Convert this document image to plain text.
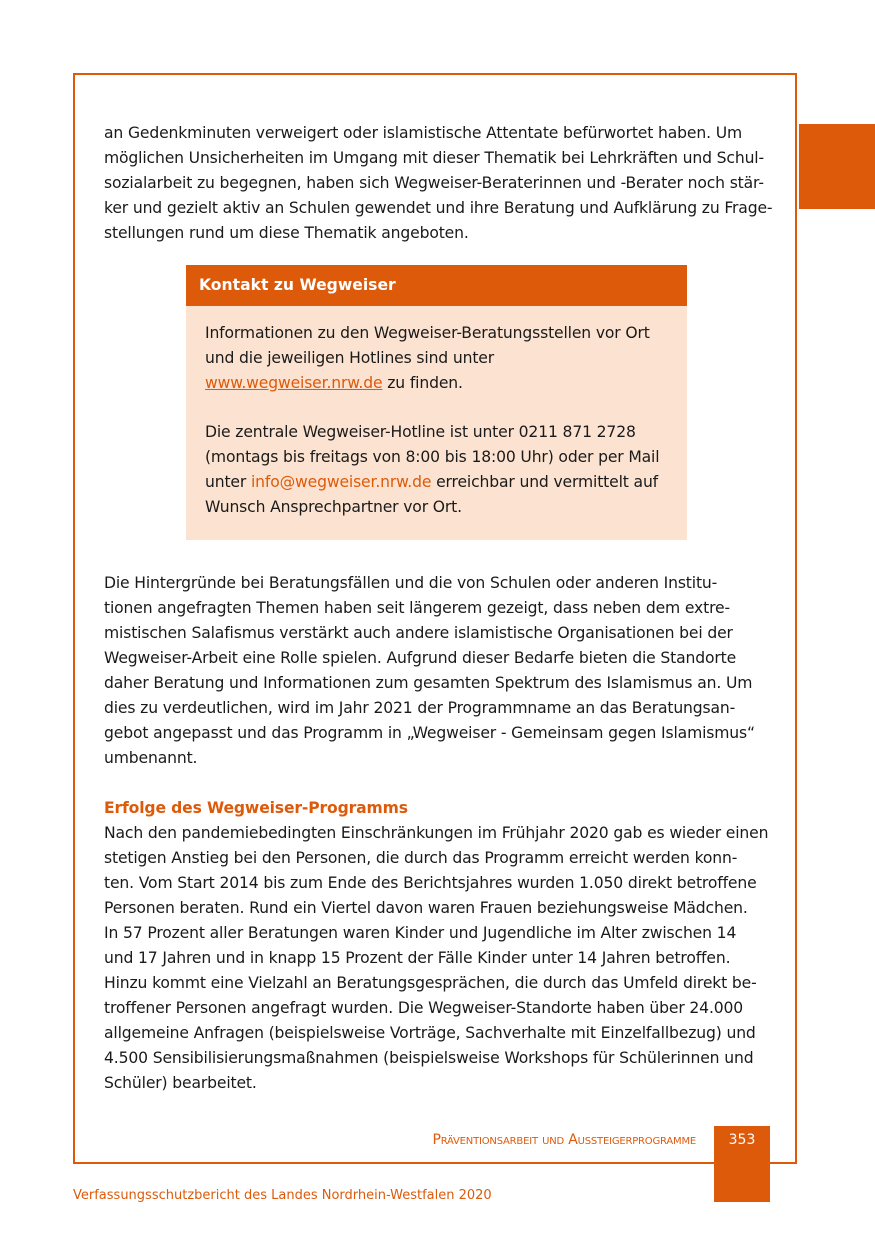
an Gedenkminuten verweigert oder islamistische Attentate befürwortet haben. Um
möglichen Unsicherheiten im Umgang mit dieser Thematik bei Lehrkräften und Schul-
sozialarbeit zu begegnen, haben sich Wegweiser-Beraterinnen und -Berater noch stär-
ker und gezielt aktiv an Schulen gewendet und ihre Beratung und Aufklärung zu Frage-
stellungen rund um diese Thematik angeboten.
Kontakt zu Wegweiser
Informationen zu den Wegweiser-Beratungsstellen vor Ort
und die jeweiligen Hotlines sind unter
www.wegweiser.nrw.de zu finden.
Die zentrale Wegweiser-Hotline ist unter 0211 871 2728
(montags bis freitags von 8:00 bis 18:00 Uhr) oder per Mail
unter info@wegweiser.nrw.de erreichbar und vermittelt auf
Wunsch Ansprechpartner vor Ort.
Die Hintergründe bei Beratungsfällen und die von Schulen oder anderen Institu-
tionen angefragten Themen haben seit längerem gezeigt, dass neben dem extre-
mistischen Salafismus verstärkt auch andere islamistische Organisationen bei der
Wegweiser-Arbeit eine Rolle spielen. Aufgrund dieser Bedarfe bieten die Standorte
daher Beratung und Informationen zum gesamten Spektrum des Islamismus an. Um
dies zu verdeutlichen, wird im Jahr 2021 der Programmname an das Beratungsan-
gebot angepasst und das Programm in „Wegweiser - Gemeinsam gegen Islamismus“
umbenannt.
Erfolge des Wegweiser-Programms
Nach den pandemiebedingten Einschränkungen im Frühjahr 2020 gab es wieder einen
stetigen Anstieg bei den Personen, die durch das Programm erreicht werden konn-
ten. Vom Start 2014 bis zum Ende des Berichtsjahres wurden 1.050 direkt betroffene
Personen beraten. Rund ein Viertel davon waren Frauen beziehungsweise Mädchen.
In 57 Prozent aller Beratungen waren Kinder und Jugendliche im Alter zwischen 14
und 17 Jahren und in knapp 15 Prozent der Fälle Kinder unter 14 Jahren betroffen.
Hinzu kommt eine Vielzahl an Beratungsgesprächen, die durch das Umfeld direkt be-
troffener Personen angefragt wurden. Die Wegweiser-Standorte haben über 24.000
allgemeine Anfragen (beispielsweise Vorträge, Sachverhalte mit Einzelfallbezug) und
4.500 Sensibilisierungsmaßnahmen (beispielsweise Workshops für Schülerinnen und
Schüler) bearbeitet.
Präventionsarbeit und Aussteigerprogramme	353
Verfassungsschutzbericht des Landes Nordrhein-Westfalen 2020
